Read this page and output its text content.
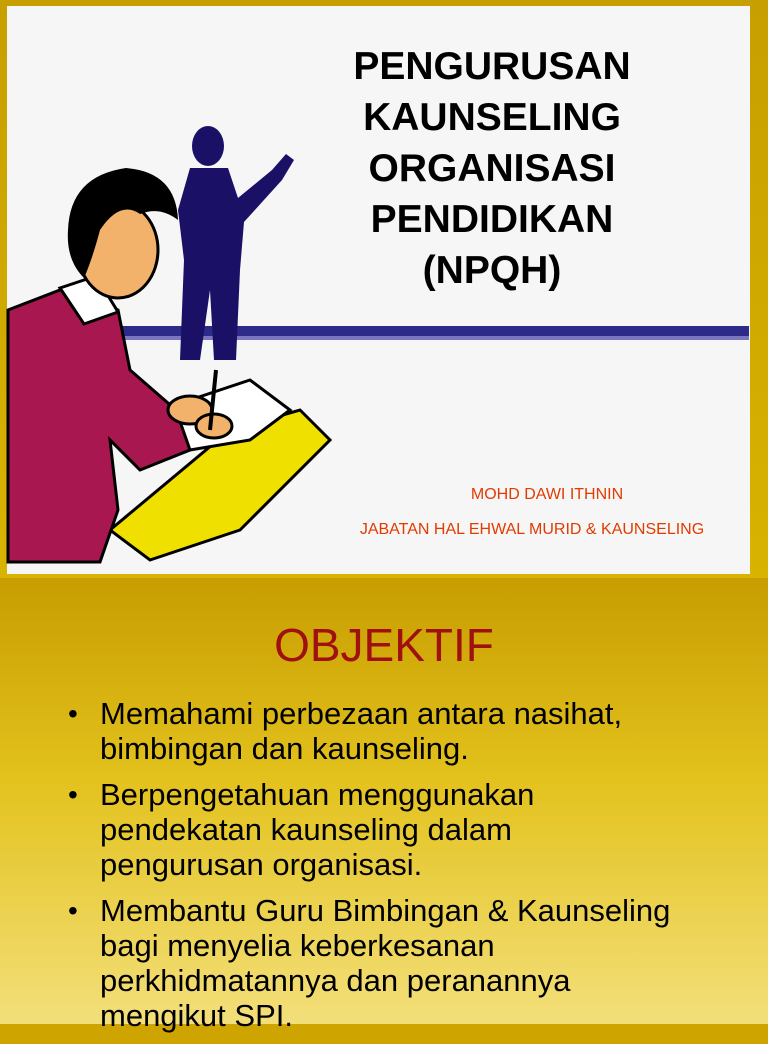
PENGURUSAN
KAUNSELING
ORGANISASI
PENDIDIKAN
(NPQH)
MOHD DAWI ITHNIN
JABATAN HAL EHWAL MURID & KAUNSELING
OBJEKTIF
• Memahami perbezaan antara nasihat,
bimbingan dan kaunseling.
• Berpengetahuan menggunakan
pendekatan kaunseling dalam
pengurusan organisasi.
• Membantu Guru Bimbingan & Kaunseling
bagi menyelia keberkesanan
perkhidmatannya dan peranannya
mengikut SPI.
